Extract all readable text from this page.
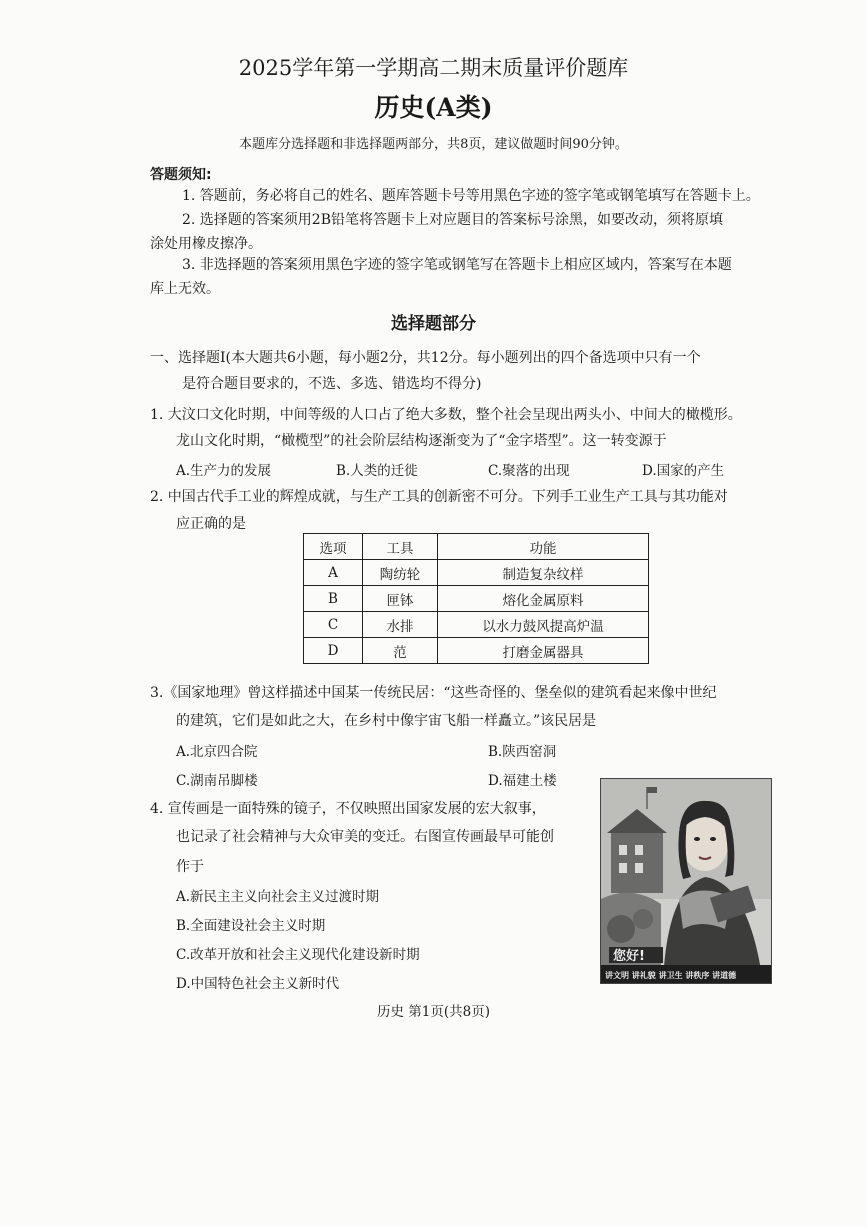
2025学年第一学期高二期末质量评价题库
历史(A类)
本题库分选择题和非选择题两部分，共8页，建议做题时间90分钟。
答题须知:
1. 答题前，务必将自己的姓名、题库答题卡号等用黑色字迹的签字笔或钢笔填写在答题卡上。
2. 选择题的答案须用2B铅笔将答题卡上对应题目的答案标号涂黑，如要改动，须将原填
涂处用橡皮擦净。
3. 非选择题的答案须用黑色字迹的签字笔或钢笔写在答题卡上相应区域内，答案写在本题
库上无效。
选择题部分
一、选择题Ⅰ(本大题共6小题，每小题2分，共12分。每小题列出的四个备选项中只有一个
是符合题目要求的，不选、多选、错选均不得分)
1. 大汶口文化时期，中间等级的人口占了绝大多数，整个社会呈现出两头小、中间大的橄榄形。
龙山文化时期，“橄榄型”的社会阶层结构逐渐变为了“金字塔型”。这一转变源于
A.生产力的发展	B.人类的迁徙	C.聚落的出现	D.国家的产生
2. 中国古代手工业的辉煌成就，与生产工具的创新密不可分。下列手工业生产工具与其功能对
应正确的是
选项	工具	功能
A	陶纺轮	制造复杂纹样
B	匣钵	熔化金属原料
C	水排	以水力鼓风提高炉温
D	范	打磨金属器具
3.《国家地理》曾这样描述中国某一传统民居：“这些奇怪的、堡垒似的建筑看起来像中世纪
的建筑，它们是如此之大，在乡村中像宇宙飞船一样矗立。”该民居是
A.北京四合院	B.陕西窑洞
C.湖南吊脚楼	D.福建土楼
4. 宣传画是一面特殊的镜子，不仅映照出国家发展的宏大叙事，
也记录了社会精神与大众审美的变迁。右图宣传画最早可能创
作于
A.新民主主义向社会主义过渡时期
B.全面建设社会主义时期
C.改革开放和社会主义现代化建设新时期
D.中国特色社会主义新时代
您好!
讲文明 讲礼貌 讲卫生 讲秩序 讲道德
历史 第1页(共8页)
